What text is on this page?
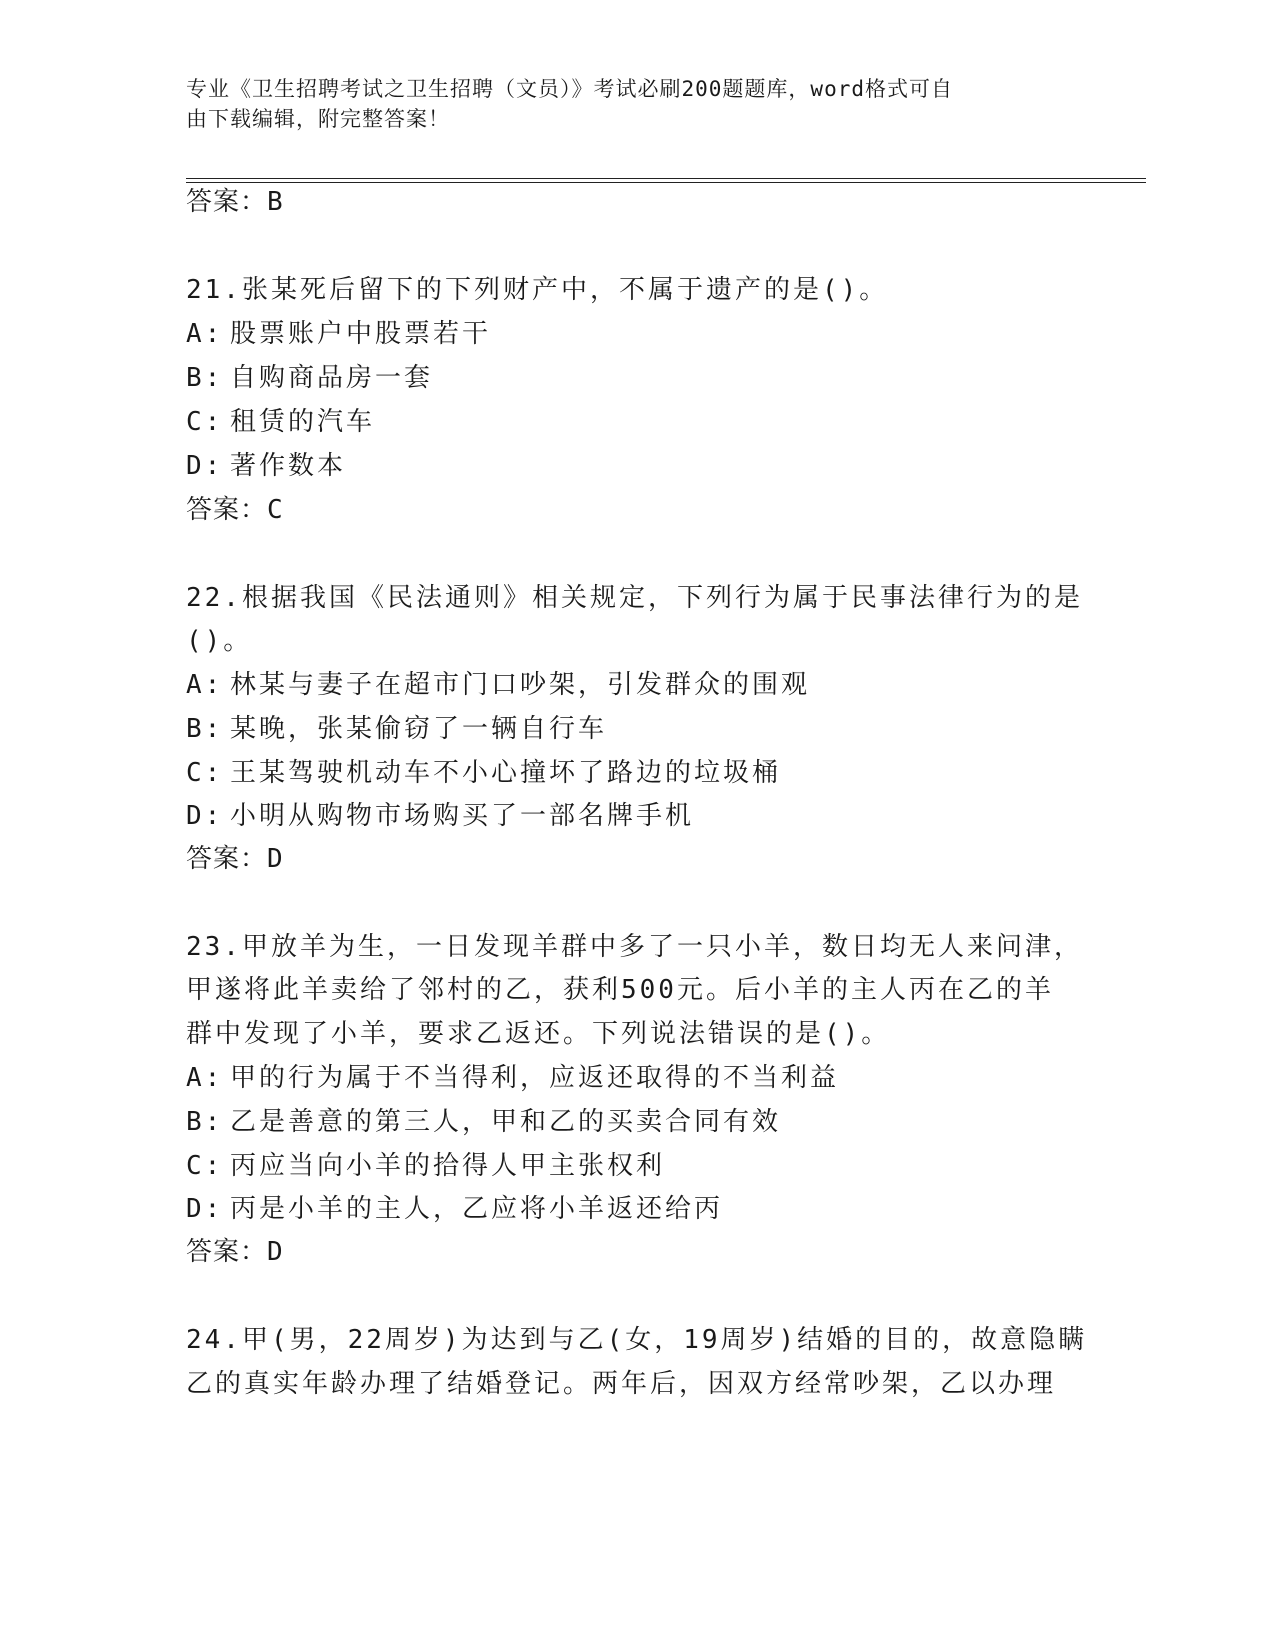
专业《卫生招聘考试之卫生招聘（文员）》考试必刷200题题库，word格式可自
由下载编辑，附完整答案！
答案：B
21.张某死后留下的下列财产中，不属于遗产的是()。
A: 股票账户中股票若干
B: 自购商品房一套
C: 租赁的汽车
D: 著作数本
答案：C
22.根据我国《民法通则》相关规定，下列行为属于民事法律行为的是
()。
A: 林某与妻子在超市门口吵架，引发群众的围观
B: 某晚，张某偷窃了一辆自行车
C: 王某驾驶机动车不小心撞坏了路边的垃圾桶
D: 小明从购物市场购买了一部名牌手机
答案：D
23.甲放羊为生，一日发现羊群中多了一只小羊，数日均无人来问津，
甲遂将此羊卖给了邻村的乙，获利500元。后小羊的主人丙在乙的羊
群中发现了小羊，要求乙返还。下列说法错误的是()。
A: 甲的行为属于不当得利，应返还取得的不当利益
B: 乙是善意的第三人，甲和乙的买卖合同有效
C: 丙应当向小羊的拾得人甲主张权利
D: 丙是小羊的主人，乙应将小羊返还给丙
答案：D
24.甲(男，22周岁)为达到与乙(女，19周岁)结婚的目的，故意隐瞒
乙的真实年龄办理了结婚登记。两年后，因双方经常吵架，乙以办理
